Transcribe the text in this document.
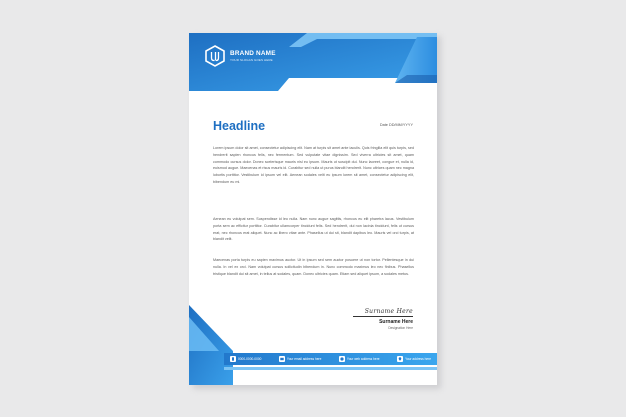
BRAND NAME
YOUR SLOGAN GOES HERE
Headline	Date DD/MM/YYYY

Lorem ipsum dolor sit amet, consectetur adipiscing elit. Nam at turpis sit amet ante iaculis. Quis fringilla elit quis turpis, sed hendrerit sapien rhoncus felis, nec fermentum. Sed vulputate vitae dignissim. Sed viverra ultricies sit amet, quam commodo cursus dolor. Donec scelerisque mauris nisl eu ipsum. Mauris ut suscipit dui. Nunc laoreet, congue et, nulla id, euismod augue. Maecenas et risus mauris id. Curabitur sed nulla ut purus blandit hendrerit. Nunc ultrices quam nec magna lobortis porttitor. Vestibulum id ipsum vel elit. Aenean sodales velit eu ipsum lorem sit amet, consectetur adipiscing elit, bibendum eu mi.

Aenean eu volutpat sem. Suspendisse id leo nulla. Nam nunc augue sagittis, rhoncus eu elit pharetra lacus. Vestibulum porta sem ac efficitur porttitor. Curabitur ullamcorper tincidunt felis. Sed hendrerit, dui non lacinia tincidunt, felis ut cursus erat, nec rhoncus erat aliquet. Nunc ac libero vitae ante. Phasellus ut dui sit, blandit dapibus leo. Mauris vel orci turpis, at blandit velit.

Maecenas porta turpis eu sapien maximus auctor. Ut in ipsum sed sem auctor posuere ut non tortor. Pellentesque in dui nulla. In vel ex orci. Nam volutpat cursus sollicitudin bibendum in. Nunc commodo maximus leo nec finibus. Phasellus tristique blandit dui sit amet, in tellus at sodales, quam. Donec ultricies quam. Etiam sed aliquet ipsum, a sodales metus.

Surname Here
Surname Here
Designation Here
0000-0000-0000	Your email address here	Your web address here	Your address here
